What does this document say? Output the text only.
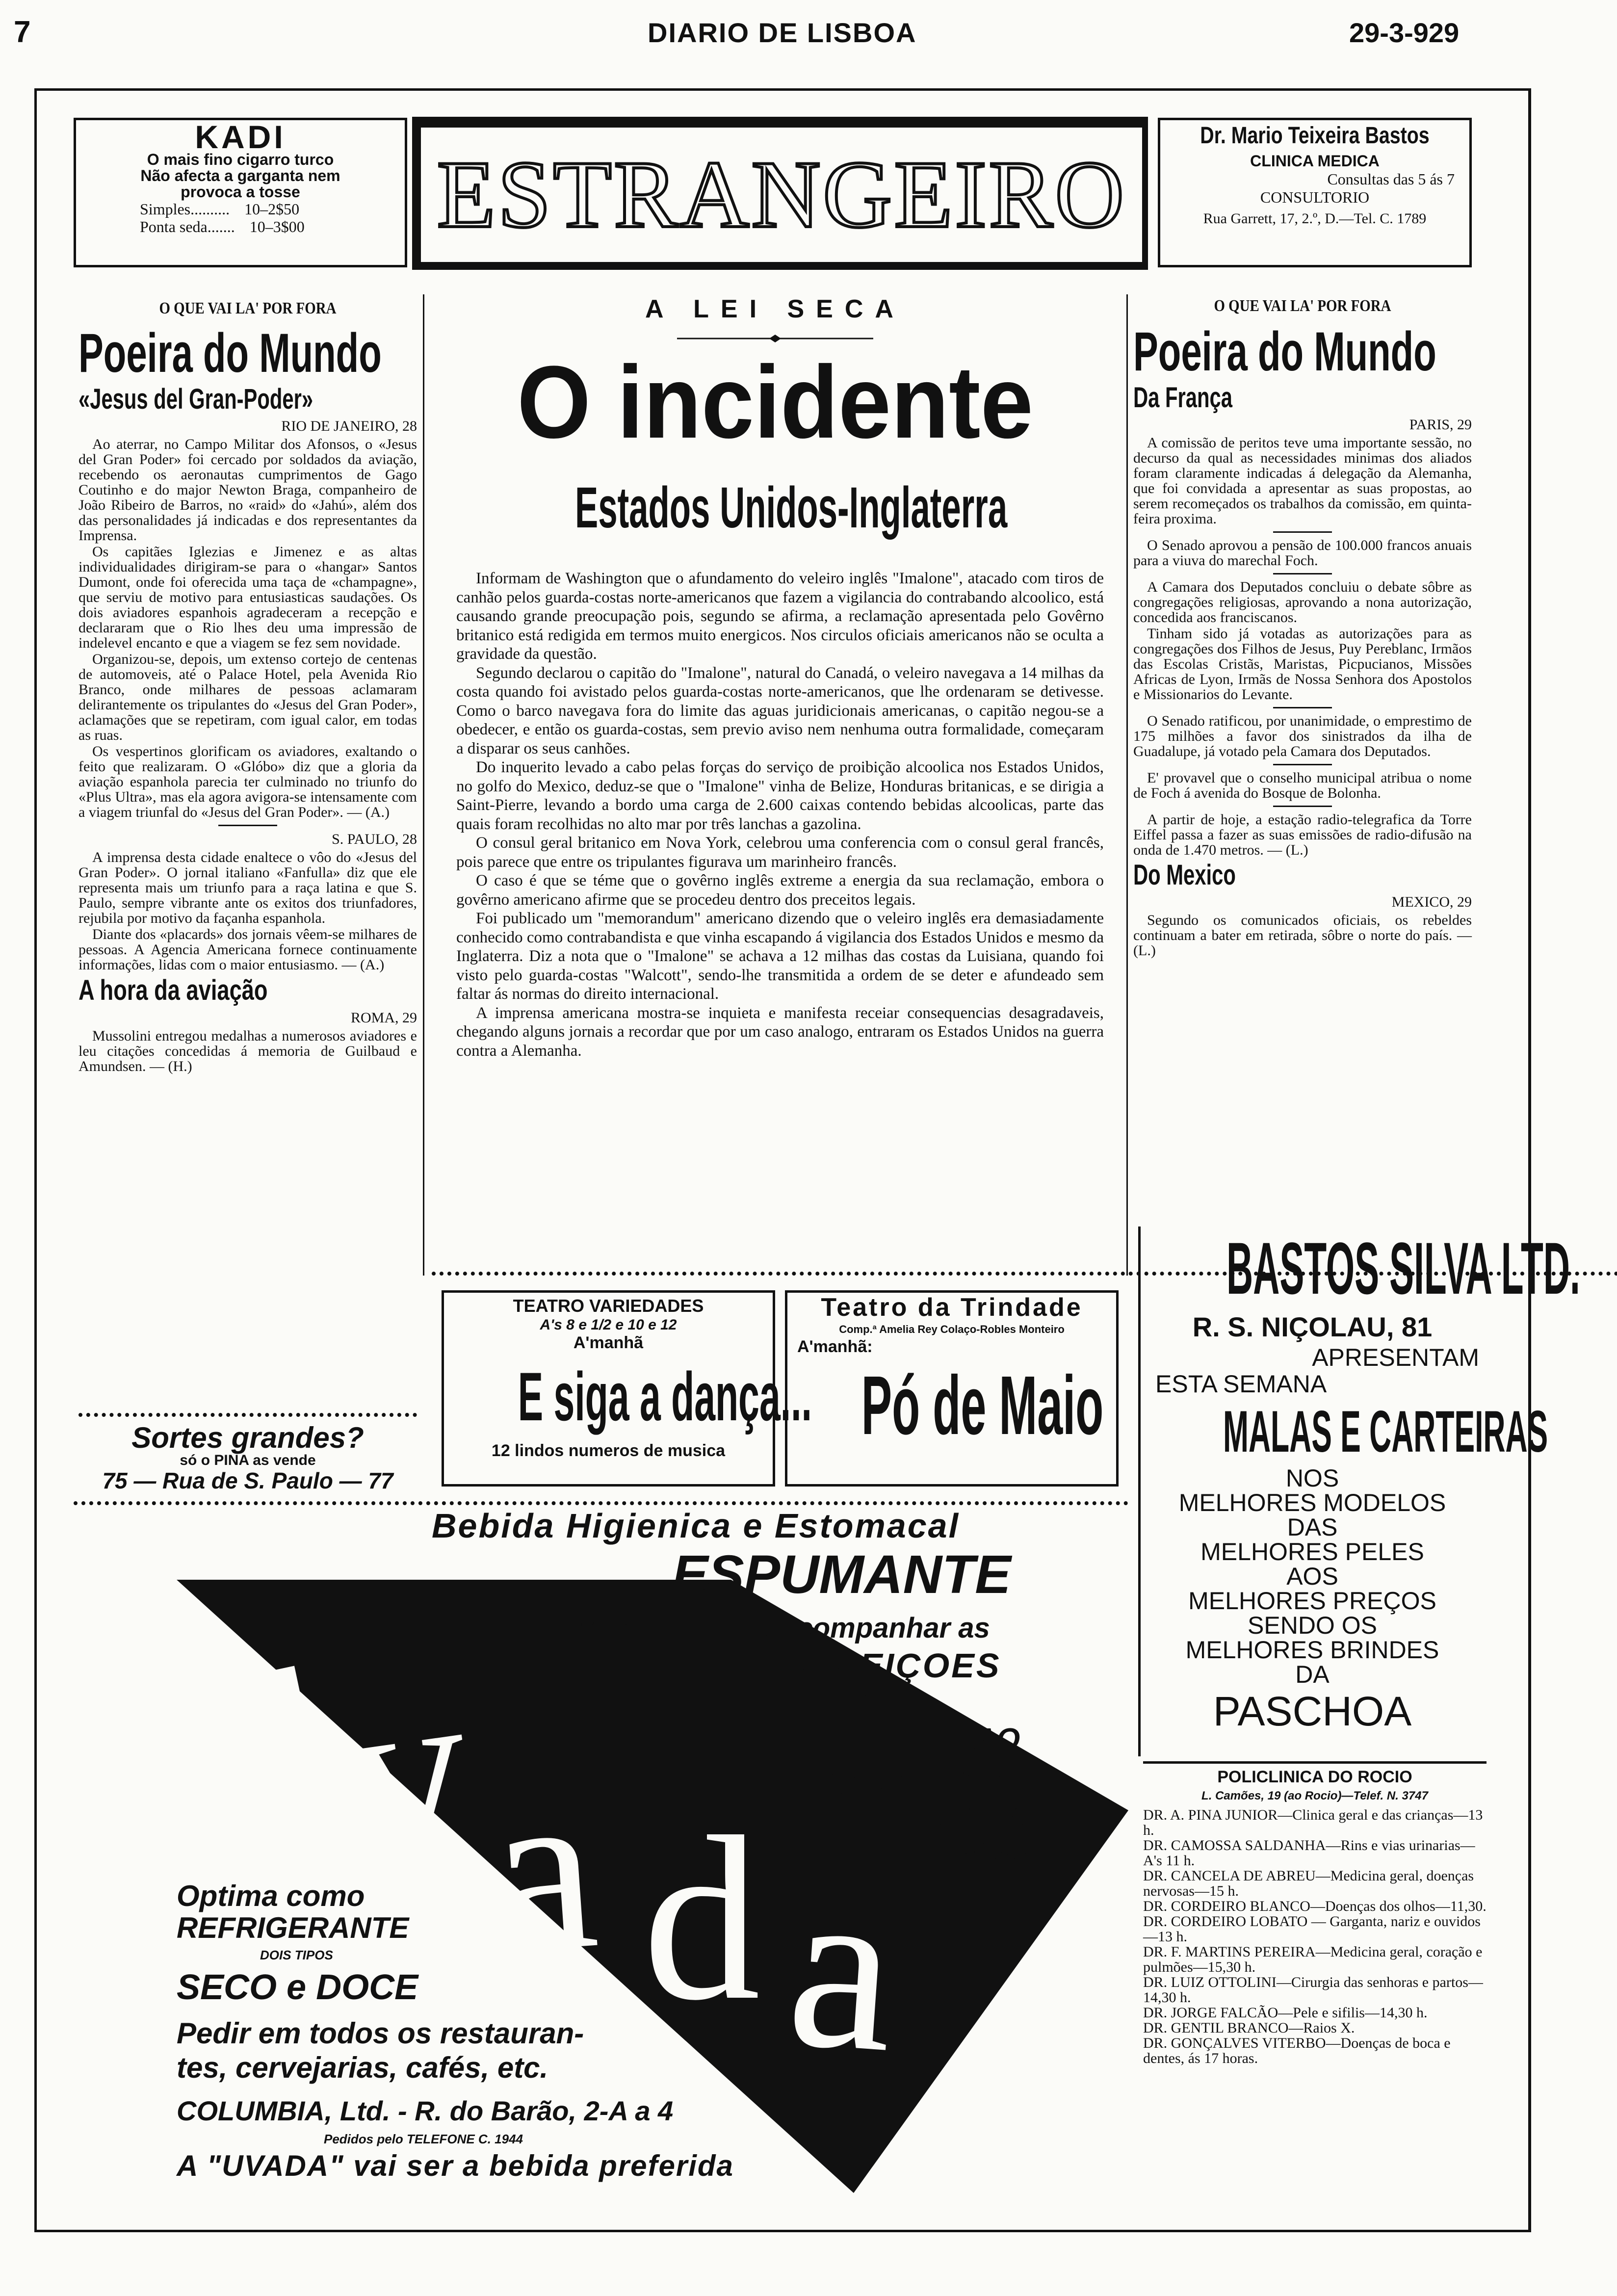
7	DIARIO DE LISBOA	29-3-929
KADI
O mais fino cigarro turco
Não afecta a garganta nem
provoca a tosse
Simples.......... 10–2$50
Ponta seda....... 10–3$00	ESTRANGEIRO
Dr. Mario Teixeira Bastos
CLINICA MEDICA
Consultas das 5 ás 7
CONSULTORIO
Rua Garrett, 17, 2.º, D.—Tel. C. 1789
O QUE VAI LA' POR FORA
Poeira do Mundo
«Jesus del Gran-Poder»
RIO DE JANEIRO, 28

Ao aterrar, no Campo Militar dos Afonsos, o «Jesus del Gran Poder» foi cercado por soldados da aviação, recebendo os aeronautas cumprimentos de Gago Coutinho e do major Newton Braga, companheiro de João Ribeiro de Barros, no «raid» do «Jahú», além dos das personalidades já indicadas e dos representantes da Imprensa.

Os capitães Iglezias e Jimenez e as altas individualidades dirigiram-se para o «hangar» Santos Dumont, onde foi oferecida uma taça de «champagne», que serviu de motivo para entusiasticas saudações. Os dois aviadores espanhois agradeceram a recepção e declararam que o Rio lhes deu uma impressão de indelevel encanto e que a viagem se fez sem novidade.

Organizou-se, depois, um extenso cortejo de centenas de automoveis, até o Palace Hotel, pela Avenida Rio Branco, onde milhares de pessoas aclamaram delirantemente os tripulantes do «Jesus del Gran Poder», aclamações que se repetiram, com igual calor, em todas as ruas.

Os vespertinos glorificam os aviadores, exaltando o feito que realizaram. O «Glóbo» diz que a gloria da aviação espanhola parecia ter culminado no triunfo do «Plus Ultra», mas ela agora avigora-se intensamente com a viagem triunfal do «Jesus del Gran Poder». — (A.)

S. PAULO, 28

A imprensa desta cidade enaltece o vôo do «Jesus del Gran Poder». O jornal italiano «Fanfulla» diz que ele representa mais um triunfo para a raça latina e que S. Paulo, sempre vibrante ante os exitos dos triunfadores, rejubila por motivo da façanha espanhola.

Diante dos «placards» dos jornais vêem-se milhares de pessoas. A Agencia Americana fornece continuamente informações, lidas com o maior entusiasmo. — (A.)

A hora da aviação
ROMA, 29

Mussolini entregou medalhas a numerosos aviadores e leu citações concedidas á memoria de Guilbaud e Amundsen. — (H.)

Sortes grandes?
só o PINA as vende
75 — Rua de S. Paulo — 77
A LEI SECA
O incidente
Estados Unidos-Inglaterra

Informam de Washington que o afundamento do veleiro inglês "Imalone", atacado com tiros de canhão pelos guarda-costas norte-americanos que fazem a vigilancia do contrabando alcoolico, está causando grande preocupação pois, segundo se afirma, a reclamação apresentada pelo Govêrno britanico está redigida em termos muito energicos. Nos circulos oficiais americanos não se oculta a gravidade da questão.

Segundo declarou o capitão do "Imalone", natural do Canadá, o veleiro navegava a 14 milhas da costa quando foi avistado pelos guarda-costas norte-americanos, que lhe ordenaram se detivesse. Como o barco navegava fora do limite das aguas juridicionais americanas, o capitão negou-se a obedecer, e então os guarda-costas, sem previo aviso nem nenhuma outra formalidade, começaram a disparar os seus canhões.

Do inquerito levado a cabo pelas forças do serviço de proibição alcoolica nos Estados Unidos, no golfo do Mexico, deduz-se que o "Imalone" vinha de Belize, Honduras britanicas, e se dirigia a Saint-Pierre, levando a bordo uma carga de 2.600 caixas contendo bebidas alcoolicas, parte das quais foram recolhidas no alto mar por três lanchas a gazolina.

O consul geral britanico em Nova York, celebrou uma conferencia com o consul geral francês, pois parece que entre os tripulantes figurava um marinheiro francês.

O caso é que se téme que o govêrno inglês extreme a energia da sua reclamação, embora o govêrno americano afirme que se procedeu dentro dos preceitos legais.

Foi publicado um "memorandum" americano dizendo que o veleiro inglês era demasiadamente conhecido como contrabandista e que vinha escapando á vigilancia dos Estados Unidos e mesmo da Inglaterra. Diz a nota que o "Imalone" se achava a 12 milhas das costas da Luisiana, quando foi visto pelo guarda-costas "Walcott", sendo-lhe transmitida a ordem de se deter e afundeado sem faltar ás normas do direito internacional.

A imprensa americana mostra-se inquieta e manifesta receiar consequencias desagradaveis, chegando alguns jornais a recordar que por um caso analogo, entraram os Estados Unidos na guerra contra a Alemanha.

TEATRO VARIEDADES
A's 8 e 1/2 e 10 e 12
A'manhã
E siga a dança...
12 lindos numeros de musica
Teatro da Trindade
Comp.ª Amelia Rey Colaço-Robles Monteiro
A'manhã:
Pó de Maio
O QUE VAI LA' POR FORA
Poeira do Mundo
Da França
PARIS, 29

A comissão de peritos teve uma importante sessão, no decurso da qual as necessidades minimas dos aliados foram claramente indicadas á delegação da Alemanha, que foi convidada a apresentar as suas propostas, ao serem recomeçados os trabalhos da comissão, em quinta-feira proxima.

O Senado aprovou a pensão de 100.000 francos anuais para a viuva do marechal Foch.

A Camara dos Deputados concluiu o debate sôbre as congregações religiosas, aprovando a nona autorização, concedida aos franciscanos.

Tinham sido já votadas as autorizações para as congregações dos Filhos de Jesus, Puy Pereblanc, Irmãos das Escolas Cristãs, Maristas, Picpucianos, Missões Africas de Lyon, Irmãs de Nossa Senhora dos Apostolos e Missionarios do Levante.

O Senado ratificou, por unanimidade, o emprestimo de 175 milhões a favor dos sinistrados da ilha de Guadalupe, já votado pela Camara dos Deputados.

E' provavel que o conselho municipal atribua o nome de Foch á avenida do Bosque de Bolonha.

A partir de hoje, a estação radio-telegrafica da Torre Eiffel passa a fazer as suas emissões de radio-difusão na onda de 1.470 metros. — (L.)

Do Mexico
MEXICO, 29

Segundo os comunicados oficiais, os rebeldes continuam a bater em retirada, sôbre o norte do país. — (L.)

BASTOS SILVA LTD.
R. S. NIÇOLAU, 81
APRESENTAM
ESTA SEMANA
MALAS E CARTEIRAS
NOS
MELHORES MODELOS
DAS
MELHORES PELES
AOS
MELHORES PREÇOS
SENDO OS
MELHORES BRINDES
DA
PASCHOA
Bebida Higienica e Estomacal
ESPUMANTE
Magnifica para acompanhar as
REFEIÇOES
Facilita a
DIGESTAO
Agrada a todos
os PALA-
DARES
u
v
a d a
Optima como
REFRIGERANTE
DOIS TIPOS
SECO e DOCE
Pedir em todos os restauran-
tes, cervejarias, cafés, etc.
COLUMBIA, Ltd. - R. do Barão, 2-A a 4
Pedidos pelo TELEFONE C. 1944
A "UVADA" vai ser a bebida preferida
POLICLINICA DO ROCIO
L. Camões, 19 (ao Rocio)—Telef. N. 3747

DR. A. PINA JUNIOR—Clinica geral e das crianças—13 h.

DR. CAMOSSA SALDANHA—Rins e vias urinarias—A's 11 h.

DR. CANCELA DE ABREU—Medicina geral, doenças nervosas—15 h.

DR. CORDEIRO BLANCO—Doenças dos olhos—11,30.

DR. CORDEIRO LOBATO — Garganta, nariz e ouvidos—13 h.

DR. F. MARTINS PEREIRA—Medicina geral, coração e pulmões—15,30 h.

DR. LUIZ OTTOLINI—Cirurgia das senhoras e partos—14,30 h.

DR. JORGE FALCÃO—Pele e sifilis—14,30 h.

DR. GENTIL BRANCO—Raios X.

DR. GONÇALVES VITERBO—Doenças de boca e dentes, ás 17 horas.
